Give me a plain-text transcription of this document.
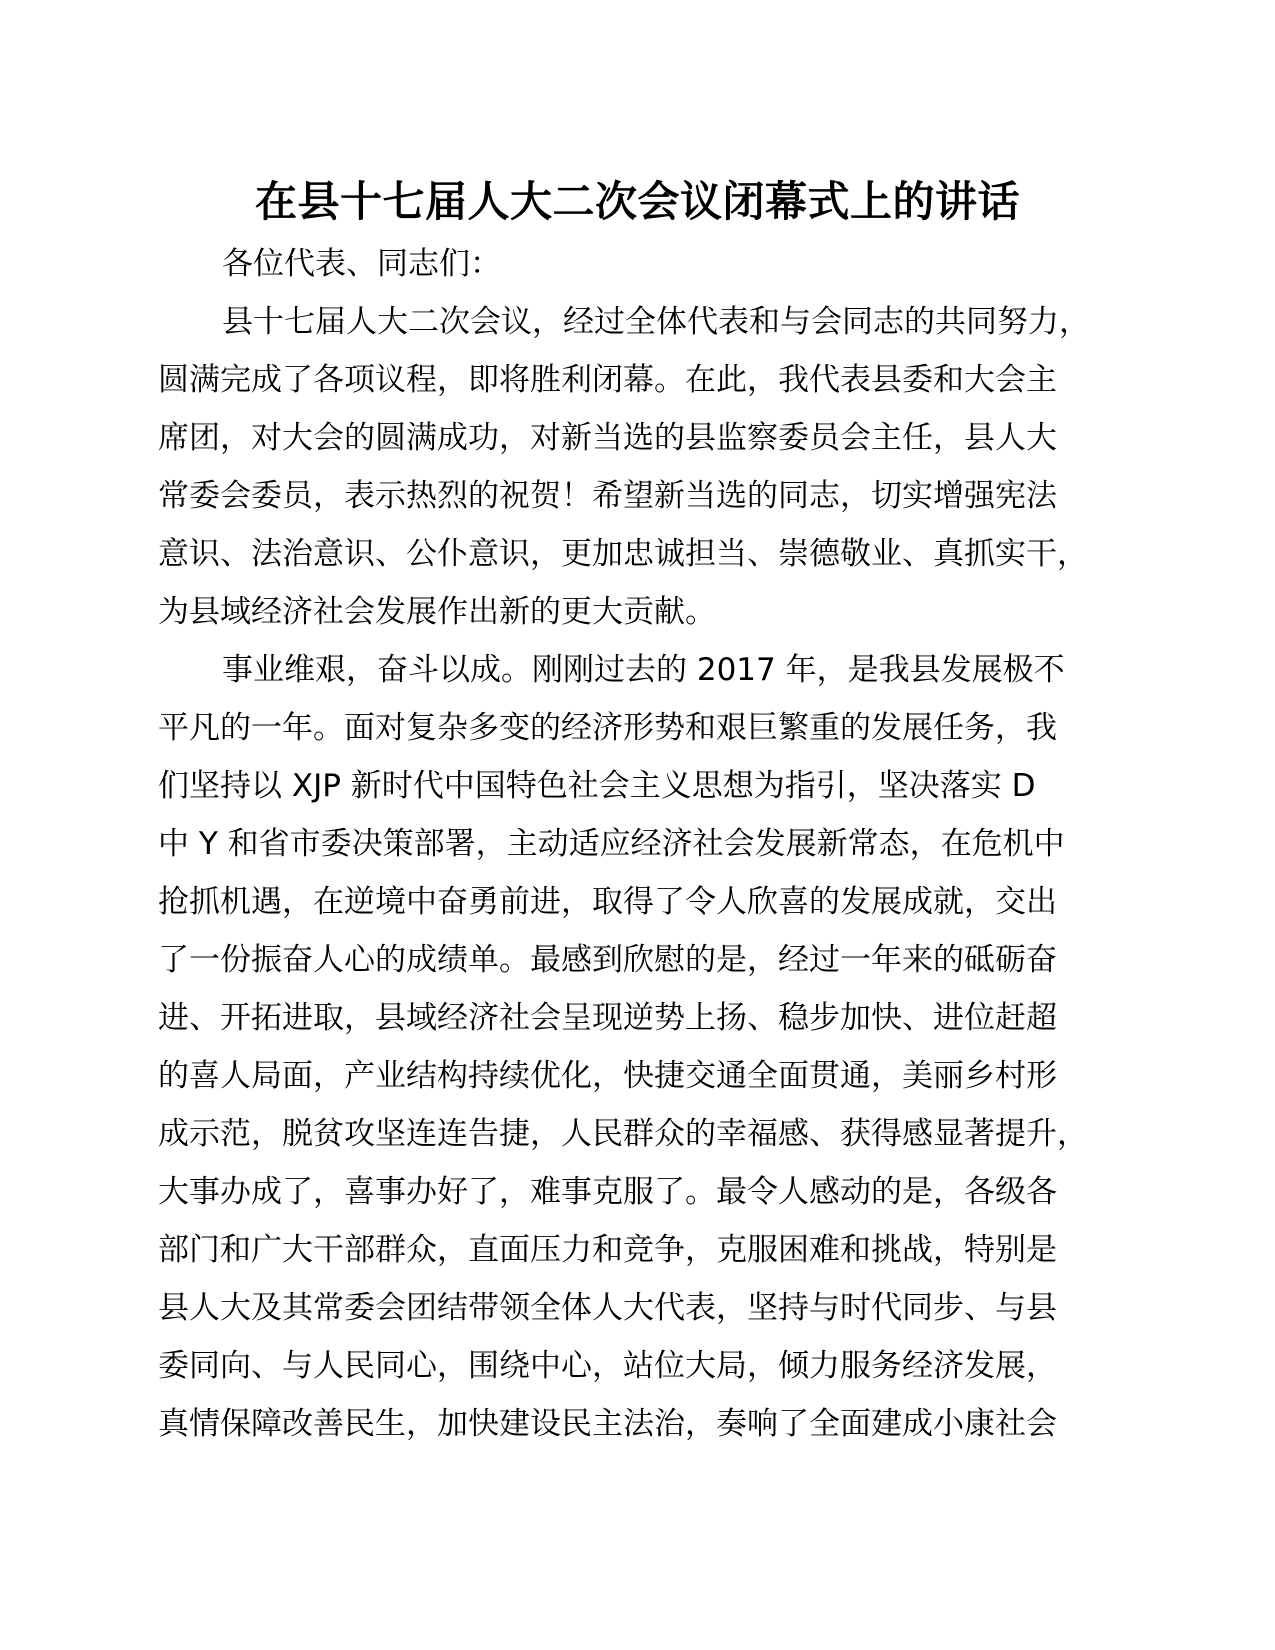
在县十七届人大二次会议闭幕式上的讲话

各位代表、同志们：

县十七届人大二次会议，经过全体代表和与会同志的共同努力，
圆满完成了各项议程，即将胜利闭幕。在此，我代表县委和大会主
席团，对大会的圆满成功，对新当选的县监察委员会主任，县人大
常委会委员，表示热烈的祝贺！希望新当选的同志，切实增强宪法
意识、法治意识、公仆意识，更加忠诚担当、崇德敬业、真抓实干，
为县域经济社会发展作出新的更大贡献。

事业维艰，奋斗以成。刚刚过去的 2017 年，是我县发展极不
平凡的一年。面对复杂多变的经济形势和艰巨繁重的发展任务，我
们坚持以 XJP 新时代中国特色社会主义思想为指引，坚决落实 D
中 Y 和省市委决策部署，主动适应经济社会发展新常态，在危机中
抢抓机遇，在逆境中奋勇前进，取得了令人欣喜的发展成就，交出
了一份振奋人心的成绩单。最感到欣慰的是，经过一年来的砥砺奋
进、开拓进取，县域经济社会呈现逆势上扬、稳步加快、进位赶超
的喜人局面，产业结构持续优化，快捷交通全面贯通，美丽乡村形
成示范，脱贫攻坚连连告捷，人民群众的幸福感、获得感显著提升，
大事办成了，喜事办好了，难事克服了。最令人感动的是，各级各
部门和广大干部群众，直面压力和竞争，克服困难和挑战，特别是
县人大及其常委会团结带领全体人大代表，坚持与时代同步、与县
委同向、与人民同心，围绕中心，站位大局，倾力服务经济发展，
真情保障改善民生，加快建设民主法治，奏响了全面建成小康社会
